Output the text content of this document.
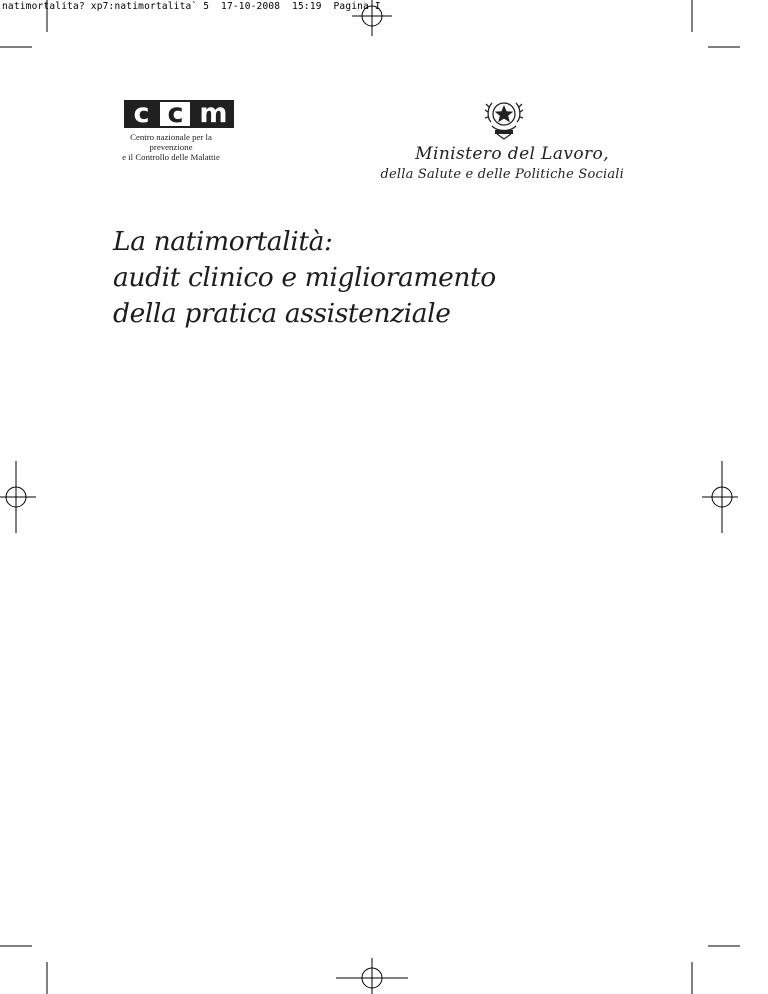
natimortalita? xp7:natimortalita` 5  17-10-2008  15:19  Pagina I
c c m
Centro nazionale per la prevenzione
e il Controllo delle Malattie	Ministero del Lavoro,
della Salute e delle Politiche Sociali
La natimortalità:
audit clinico e miglioramento
della pratica assistenziale
